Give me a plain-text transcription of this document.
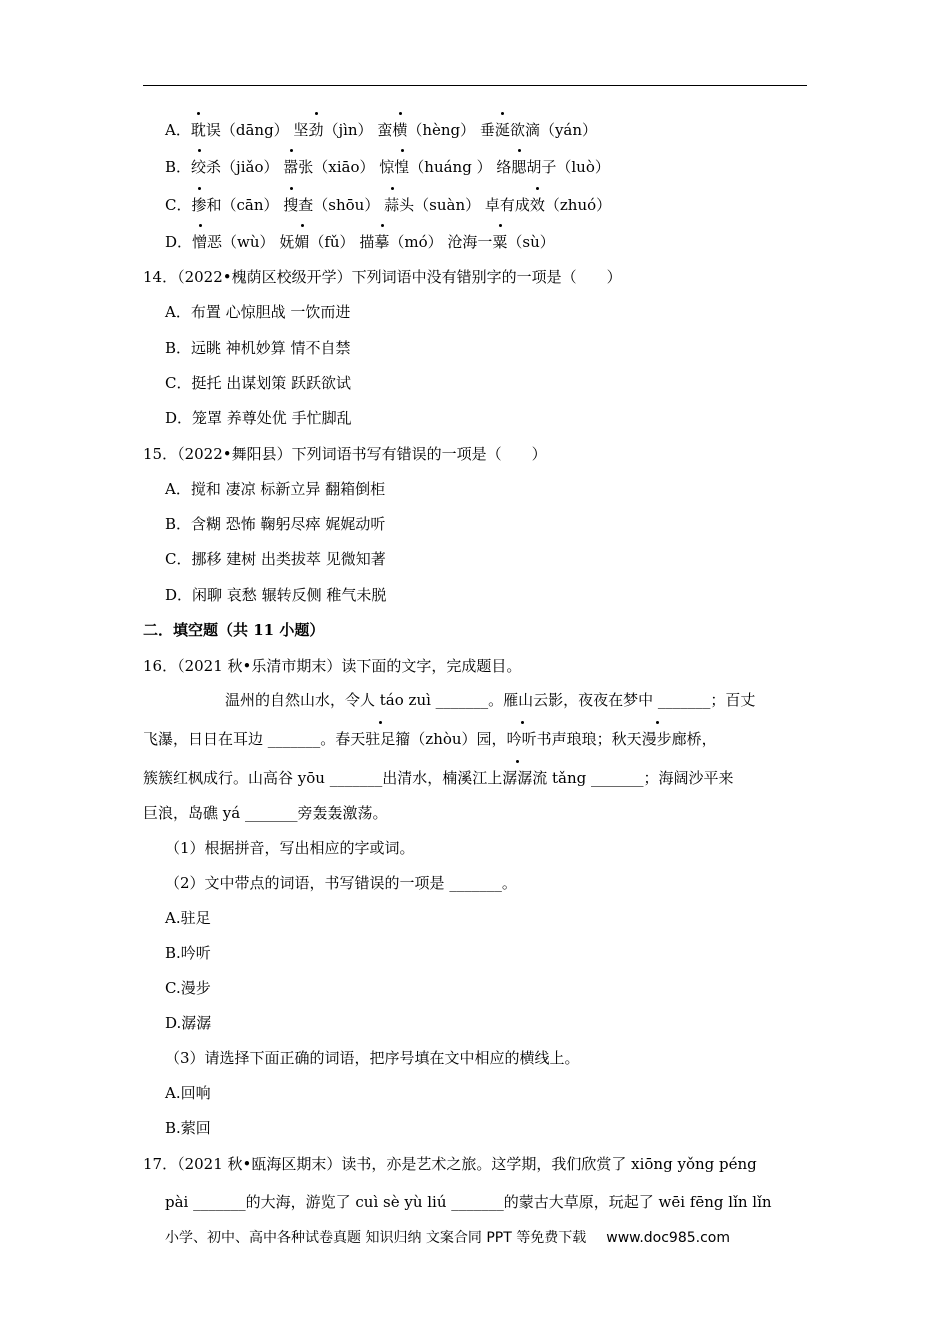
A．耽误（dāng） 坚劲（jìn） 蛮横（hèng） 垂涎欲滴（yán）
B．绞杀（jiǎo） 嚣张（xiāo） 惊惶（huáng ） 络腮胡子（luò）
C．掺和（cān） 搜查（shōu） 蒜头（suàn） 卓有成效（zhuó）
D．憎恶（wù） 妩媚（fǔ） 描摹（mó） 沧海一粟（sù）
14．（2022•槐荫区校级开学）下列词语中没有错别字的一项是（　　）
A．布置 心惊胆战 一饮而进
B．远眺 神机妙算 情不自禁
C．挺托 出谋划策 跃跃欲试
D．笼罩 养尊处优 手忙脚乱
15．（2022•舞阳县）下列词语书写有错误的一项是（　　）
A．搅和 凄凉 标新立异 翻箱倒柜
B．含糊 恐怖 鞠躬尽瘁 娓娓动听
C．挪移 建树 出类拔萃 见微知著
D．闲聊 哀愁 辗转反侧 稚气未脱
二．填空题（共 11 小题）
16．（2021 秋•乐清市期末）读下面的文字，完成题目。
温州的自然山水，令人 táo zuì _______。雁山云影，夜夜在梦中 _______；百丈
飞瀑，日日在耳边 _______。春天驻足籀（zhòu）园，吟听书声琅琅；秋天漫步廊桥，
簇簇红枫成行。山高谷 yōu _______出清水，楠溪江上潺潺流 tǎng _______；海阔沙平来
巨浪，岛礁 yá _______旁轰轰激荡。
（1）根据拼音，写出相应的字或词。
（2）文中带点的词语，书写错误的一项是 _______。
A.驻足
B.吟听
C.漫步
D.潺潺
（3）请选择下面正确的词语，把序号填在文中相应的横线上。
A.回响
B.萦回
17．（2021 秋•瓯海区期末）读书，亦是艺术之旅。这学期，我们欣赏了 xiōng yǒng péng
pài _______的大海，游览了 cuì sè yù liú _______的蒙古大草原，玩起了 wēi fēng lǐn lǐn
小学、初中、高中各种试卷真题 知识归纳 文案合同 PPT 等免费下载 www.doc985.com
